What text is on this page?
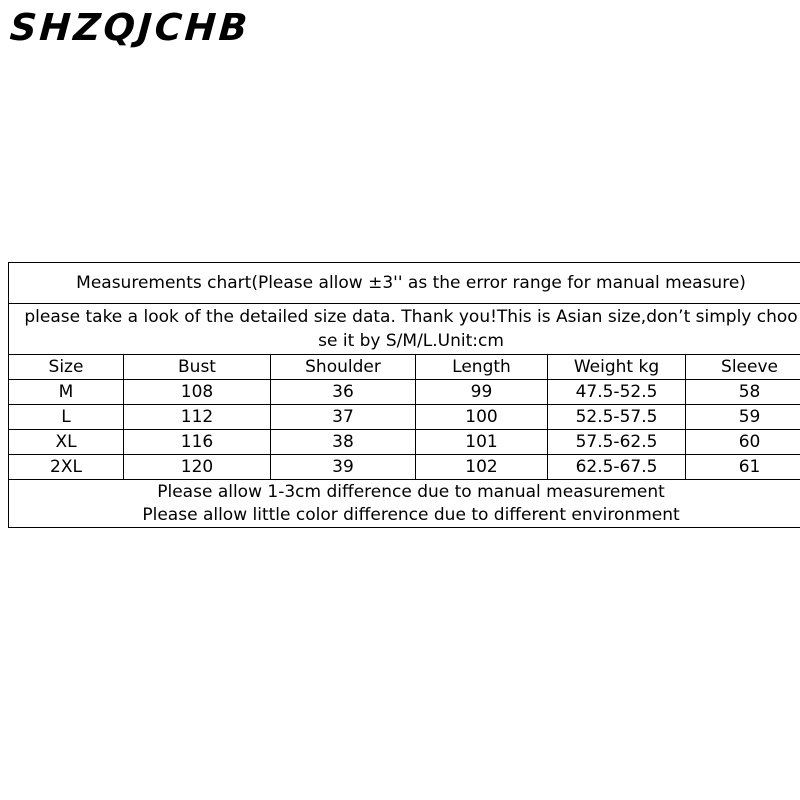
SHZQJCHB
Measurements chart(Please allow ±3'' as the error range for manual measure)					
please take a look of the detailed size data. Thank you!This is Asian size,don’t simply choose it by S/M/L.Unit:cm					
Size	Bust	Shoulder	Length	Weight kg	Sleeve
M	108	36	99	47.5-52.5	58
L	112	37	100	52.5-57.5	59
XL	116	38	101	57.5-62.5	60
2XL	120	39	102	62.5-67.5	61

Please allow 1-3cm difference due to manual measurement
Please allow little color difference due to different environment					
